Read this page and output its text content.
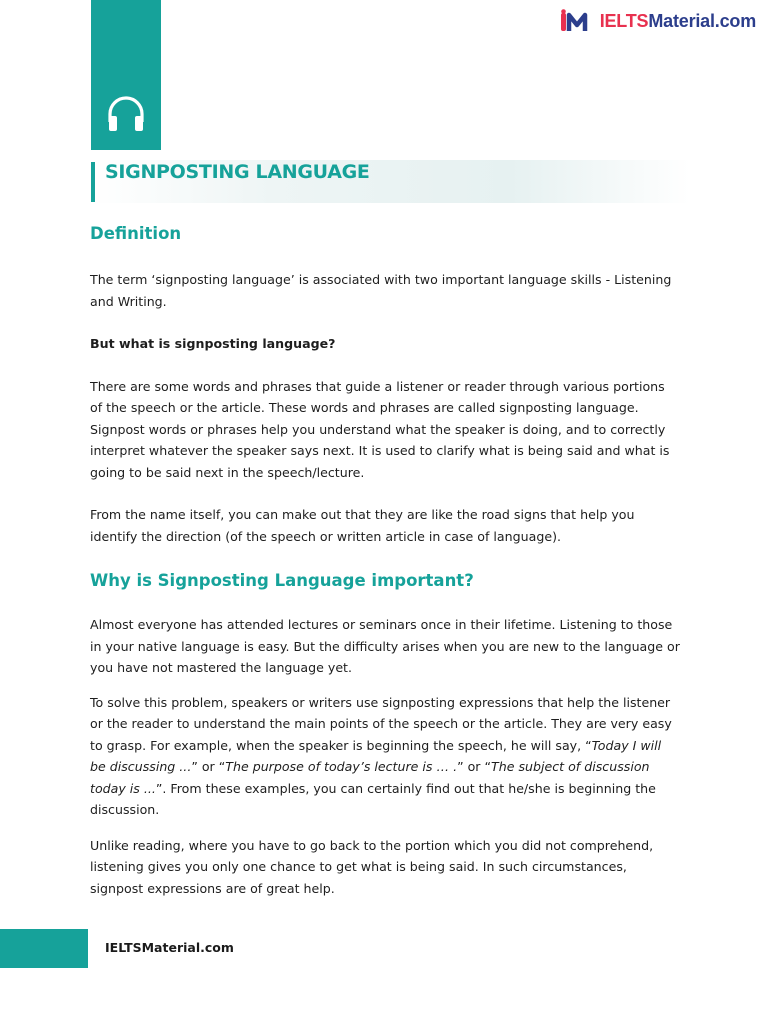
IELTSMaterial.com
SIGNPOSTING LANGUAGE
Definition

The term ‘signposting language’ is associated with two important language skills - Listening and Writing.

But what is signposting language?

There are some words and phrases that guide a listener or reader through various portions of the speech or the article. These words and phrases are called signposting language. Signpost words or phrases help you understand what the speaker is doing, and to correctly interpret whatever the speaker says next. It is used to clarify what is being said and what is going to be said next in the speech/lecture.

From the name itself, you can make out that they are like the road signs that help you identify the direction (of the speech or written article in case of language).

Why is Signposting Language important?

Almost everyone has attended lectures or seminars once in their lifetime. Listening to those in your native language is easy. But the difficulty arises when you are new to the language or you have not mastered the language yet.

To solve this problem, speakers or writers use signposting expressions that help the listener or the reader to understand the main points of the speech or the article. They are very easy to grasp. For example, when the speaker is beginning the speech, he will say, “Today I will be discussing ...” or “The purpose of today’s lecture is … .” or “The subject of discussion today is ...”. From these examples, you can certainly find out that he/she is beginning the discussion.

Unlike reading, where you have to go back to the portion which you did not comprehend, listening gives you only one chance to get what is being said. In such circumstances, signpost expressions are of great help.

IELTSMaterial.com
